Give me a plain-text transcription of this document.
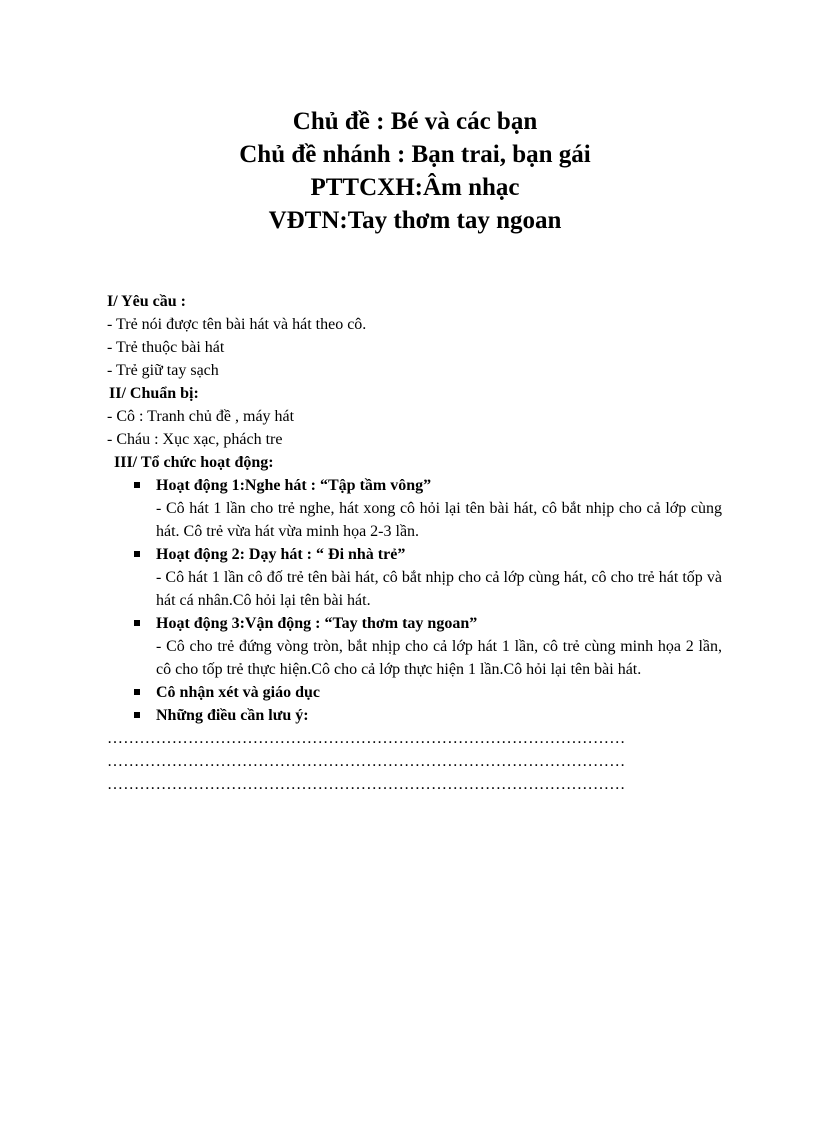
Chủ đề : Bé và các bạn
Chủ đề nhánh : Bạn trai, bạn gái
PTTCXH:Âm nhạc
VĐTN:Tay thơm tay ngoan
I/ Yêu cầu :
- Trẻ nói được tên bài hát và hát theo cô.
- Trẻ thuộc bài hát
- Trẻ giữ tay sạch
II/ Chuẩn bị:
- Cô : Tranh chủ đề , máy hát
- Cháu : Xục xạc, phách tre
III/ Tổ chức hoạt động:
Hoạt động 1:Nghe hát : “Tập tầm vông”
- Cô hát 1 lần cho trẻ nghe, hát xong cô hỏi lại tên bài hát, cô bắt nhịp cho cả lớp cùng hát. Cô trẻ vừa hát vừa minh họa 2-3 lần.
Hoạt động 2: Dạy hát : “ Đi nhà trẻ”
- Cô hát 1 lần cô đố trẻ tên bài hát, cô bắt nhịp cho cả lớp cùng hát, cô cho trẻ hát tốp và hát cá nhân.Cô hỏi lại tên bài hát.
Hoạt động 3:Vận động : “Tay thơm tay ngoan”
- Cô cho trẻ đứng vòng tròn, bắt nhịp cho cả lớp hát 1 lần, cô trẻ cùng minh họa 2 lần, cô cho tốp trẻ thực hiện.Cô cho cả lớp thực hiện 1 lần.Cô hỏi lại tên bài hát.
Cô nhận xét và giáo dục
Những điều cần lưu ý:
……………………………………………………………………………………
……………………………………………………………………………………
……………………………………………………………………………………
